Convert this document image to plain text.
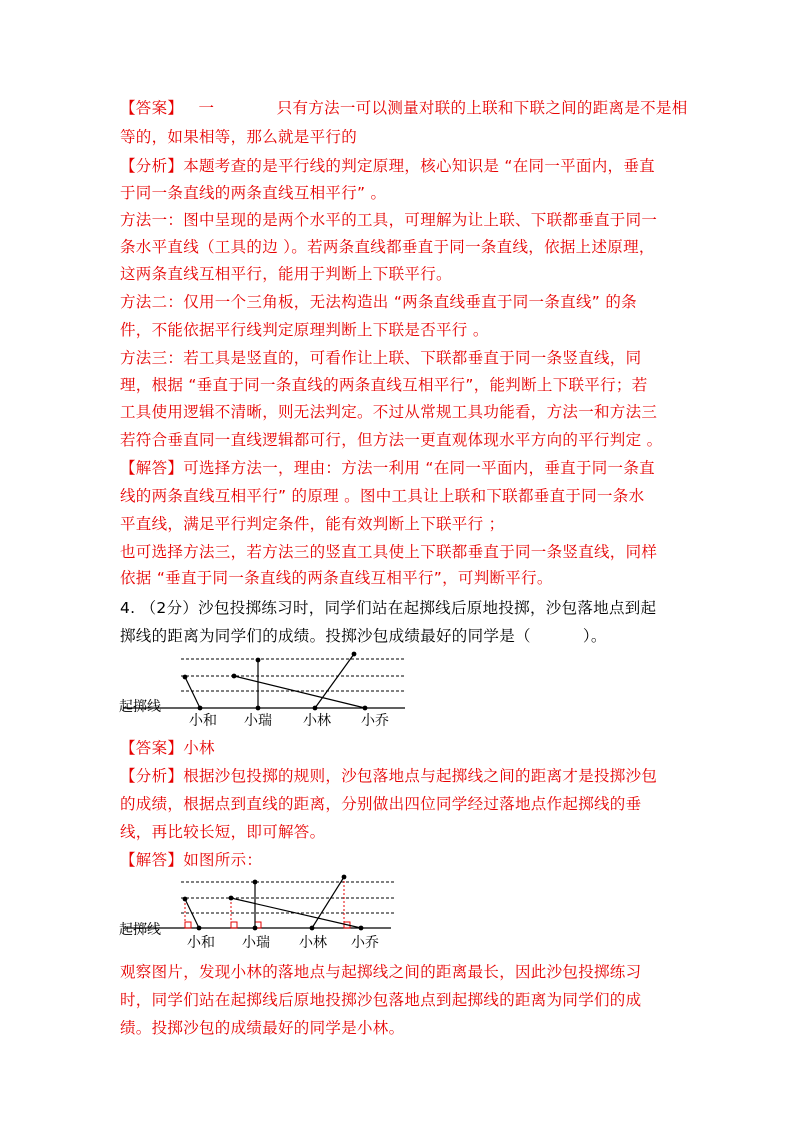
【答案】 一	只有方法一可以测量对联的上联和下联之间的距离是不是相
等的，如果相等，那么就是平行的
【分析】本题考查的是平行线的判定原理，核心知识是 “在同一平面内，垂直
于同一条直线的两条直线互相平行” 。
方法一：图中呈现的是两个水平的工具，可理解为让上联、下联都垂直于同一
条水平直线（工具的边 ）。若两条直线都垂直于同一条直线，依据上述原理，
这两条直线互相平行，能用于判断上下联平行。
方法二：仅用一个三角板，无法构造出 “两条直线垂直于同一条直线” 的条
件，不能依据平行线判定原理判断上下联是否平行 。
方法三：若工具是竖直的，可看作让上联、下联都垂直于同一条竖直线，同
理，根据 “垂直于同一条直线的两条直线互相平行”，能判断上下联平行；若
工具使用逻辑不清晰，则无法判定。不过从常规工具功能看，方法一和方法三
若符合垂直同一直线逻辑都可行，但方法一更直观体现水平方向的平行判定 。
【解答】可选择方法一，理由：方法一利用 “在同一平面内，垂直于同一条直
线的两条直线互相平行” 的原理 。图中工具让上联和下联都垂直于同一条水
平直线，满足平行判定条件，能有效判断上下联平行 ；
也可选择方法三，若方法三的竖直工具使上下联都垂直于同一条竖直线，同样
依据 “垂直于同一条直线的两条直线互相平行”，可判断平行。
4. （2分）沙包投掷练习时，同学们站在起掷线后原地投掷，沙包落地点到起
掷线的距离为同学们的成绩。投掷沙包成绩最好的同学是（	）。
起掷线
小和 小瑞 小林 小乔
【答案】小林
【分析】根据沙包投掷的规则，沙包落地点与起掷线之间的距离才是投掷沙包
的成绩，根据点到直线的距离，分别做出四位同学经过落地点作起掷线的垂
线，再比较长短，即可解答。
【解答】如图所示：
起掷线
小和 小瑞 小林 小乔
观察图片，发现小林的落地点与起掷线之间的距离最长，因此沙包投掷练习
时，同学们站在起掷线后原地投掷沙包落地点到起掷线的距离为同学们的成
绩。投掷沙包的成绩最好的同学是小林。
